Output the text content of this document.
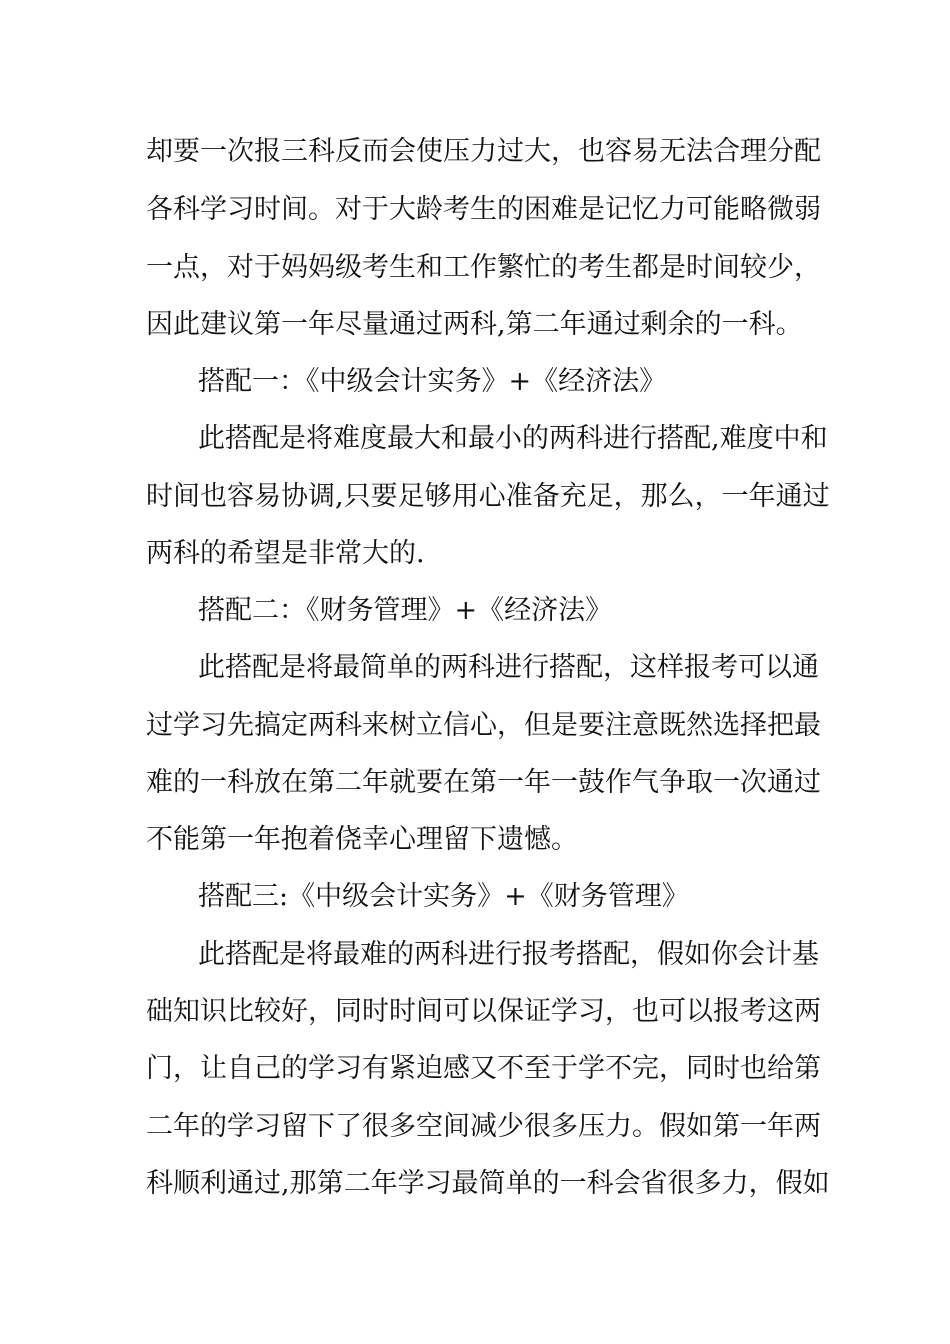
却要一次报三科反而会使压力过大，也容易无法合理分配
各科学习时间。对于大龄考生的困难是记忆力可能略微弱
一点，对于妈妈级考生和工作繁忙的考生都是时间较少，
因此建议第一年尽量通过两科,第二年通过剩余的一科。
搭配一：《中级会计实务》+《经济法》
此搭配是将难度最大和最小的两科进行搭配,难度中和
时间也容易协调,只要足够用心准备充足，那么，一年通过
两科的希望是非常大的.
搭配二：《财务管理》+《经济法》
此搭配是将最简单的两科进行搭配，这样报考可以通
过学习先搞定两科来树立信心，但是要注意既然选择把最
难的一科放在第二年就要在第一年一鼓作气争取一次通过
不能第一年抱着侥幸心理留下遗憾。
搭配三:《中级会计实务》+《财务管理》
此搭配是将最难的两科进行报考搭配，假如你会计基
础知识比较好，同时时间可以保证学习，也可以报考这两
门，让自己的学习有紧迫感又不至于学不完，同时也给第
二年的学习留下了很多空间减少很多压力。假如第一年两
科顺利通过,那第二年学习最简单的一科会省很多力，假如
